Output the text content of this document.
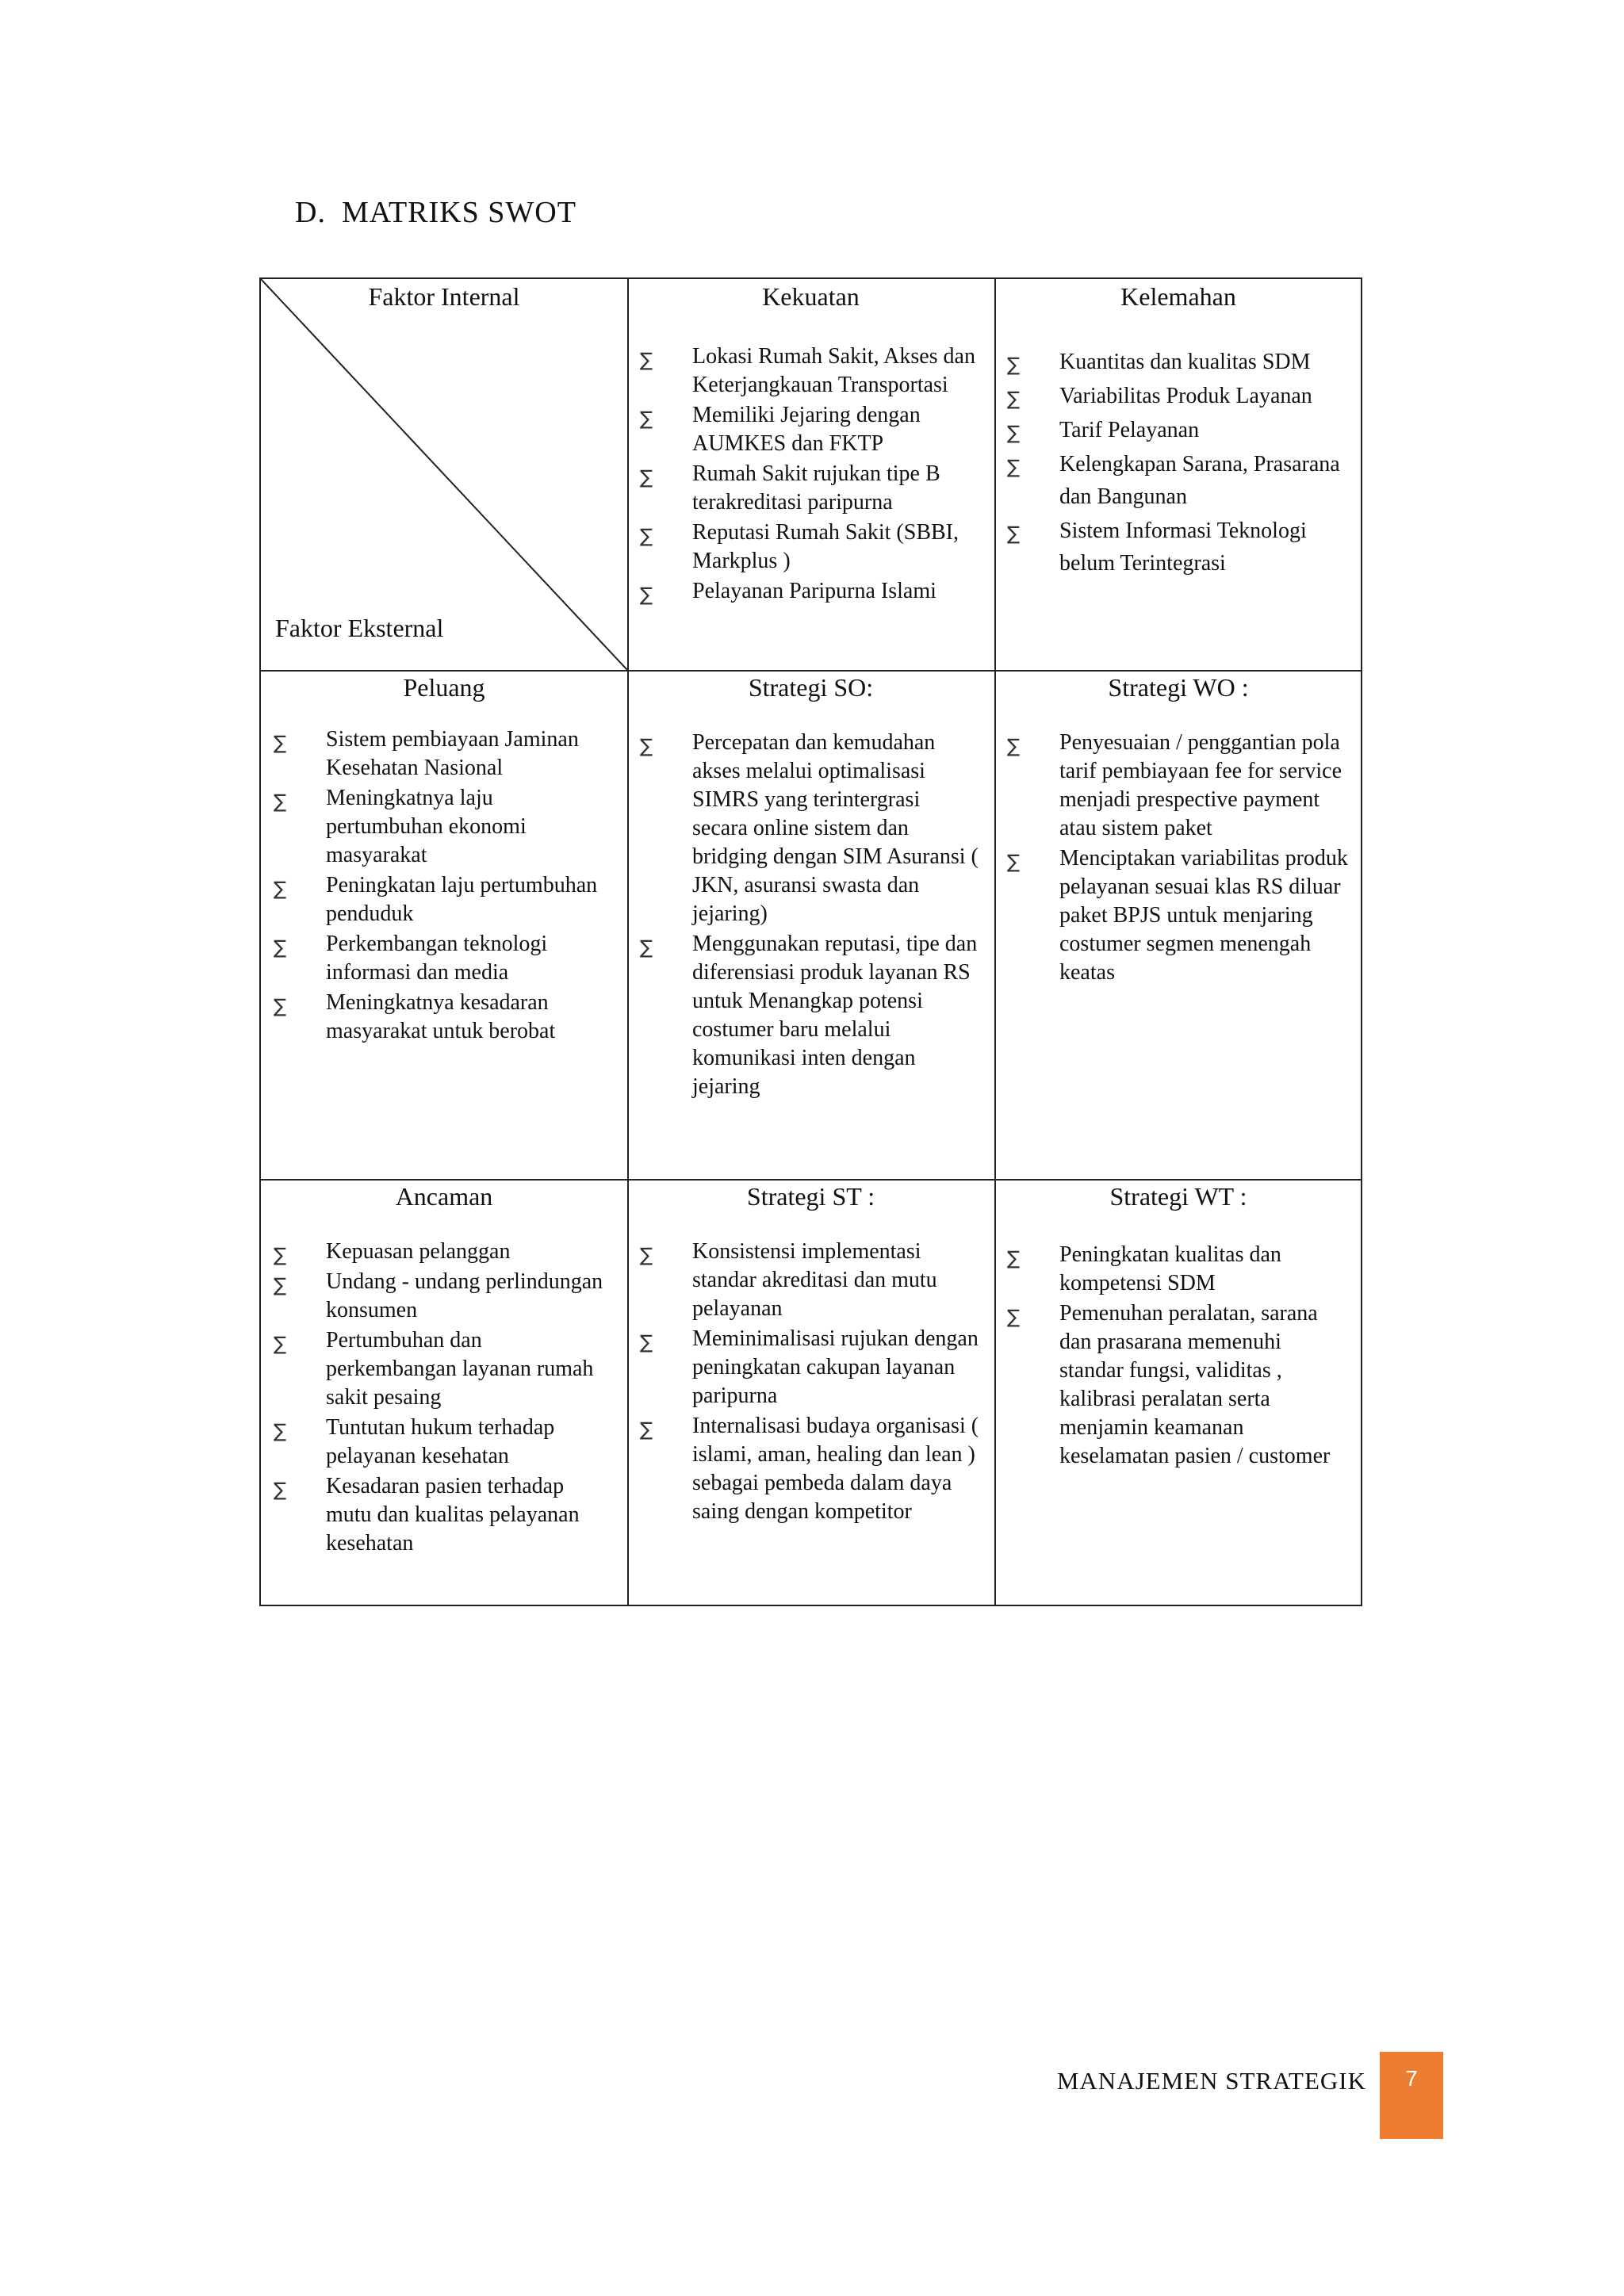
D. MATRIKS SWOT
Faktor Internal
Faktor Eksternal
Kekuatan
∑ Lokasi Rumah Sakit, Akses dan Keterjangkauan Transportasi
∑ Memiliki Jejaring dengan AUMKES dan FKTP
∑ Rumah Sakit rujukan tipe B terakreditasi paripurna
∑ Reputasi Rumah Sakit (SBBI, Markplus )
∑ Pelayanan Paripurna Islami
Kelemahan
∑ Kuantitas dan kualitas SDM
∑ Variabilitas Produk Layanan
∑ Tarif Pelayanan
∑ Kelengkapan Sarana, Prasarana dan Bangunan
∑ Sistem Informasi Teknologi belum Terintegrasi
Peluang
∑ Sistem pembiayaan Jaminan Kesehatan Nasional
∑ Meningkatnya laju pertumbuhan ekonomi masyarakat
∑ Peningkatan laju pertumbuhan penduduk
∑ Perkembangan teknologi informasi dan media
∑ Meningkatnya kesadaran masyarakat untuk berobat
Strategi SO:
∑ Percepatan dan kemudahan akses melalui optimalisasi SIMRS yang terintergrasi secara online sistem dan bridging dengan SIM Asuransi ( JKN, asuransi swasta dan jejaring)
∑ Menggunakan reputasi, tipe dan diferensiasi produk layanan RS untuk Menangkap potensi costumer baru melalui komunikasi inten dengan jejaring
Strategi WO :
∑ Penyesuaian / penggantian pola tarif pembiayaan fee for service menjadi prespective payment atau sistem paket
∑ Menciptakan variabilitas produk pelayanan sesuai klas RS diluar paket BPJS untuk menjaring costumer segmen menengah keatas
Ancaman
∑ Kepuasan pelanggan
∑ Undang - undang perlindungan konsumen
∑ Pertumbuhan dan perkembangan layanan rumah sakit pesaing
∑ Tuntutan hukum terhadap pelayanan kesehatan
∑ Kesadaran pasien terhadap mutu dan kualitas pelayanan kesehatan
Strategi ST :
∑ Konsistensi implementasi standar akreditasi dan mutu pelayanan
∑ Meminimalisasi rujukan dengan peningkatan cakupan layanan paripurna
∑ Internalisasi budaya organisasi ( islami, aman, healing dan lean ) sebagai pembeda dalam daya saing dengan kompetitor
Strategi WT :
∑ Peningkatan kualitas dan kompetensi SDM
∑ Pemenuhan peralatan, sarana dan prasarana memenuhi standar fungsi, validitas , kalibrasi peralatan serta menjamin keamanan keselamatan pasien / customer
MANAJEMEN STRATEGIK	7
